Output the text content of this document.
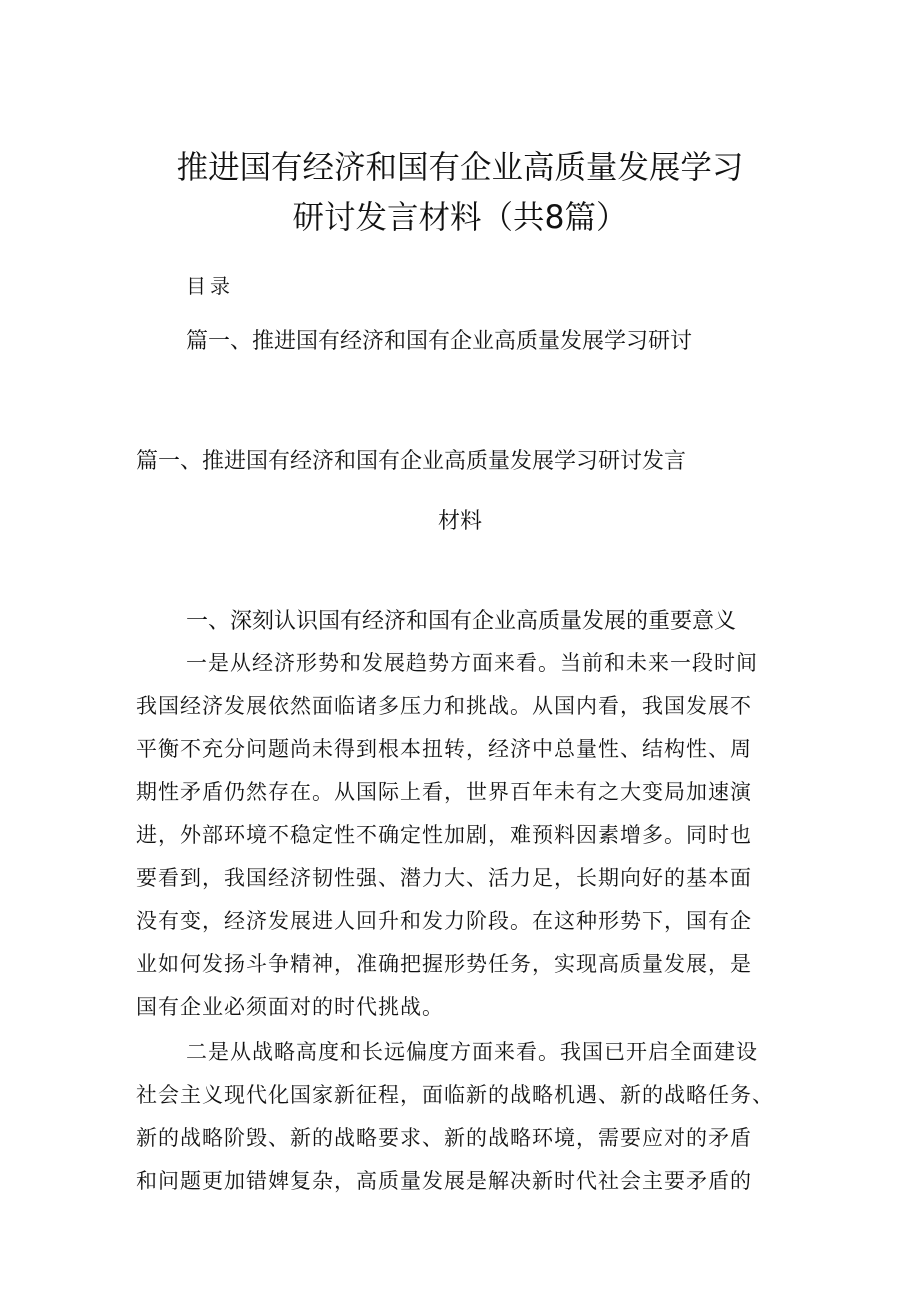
推进国有经济和国有企业高质量发展学习
研讨发言材料（共8篇）
目录
篇一、推进国有经济和国有企业高质量发展学习研讨
篇一、推进国有经济和国有企业高质量发展学习研讨发言
材料
一、深刻认识国有经济和国有企业高质量发展的重要意义
一是从经济形势和发展趋势方面来看。当前和未来一段时间
我国经济发展依然面临诸多压力和挑战。从国内看，我国发展不
平衡不充分问题尚未得到根本扭转，经济中总量性、结构性、周
期性矛盾仍然存在。从国际上看，世界百年未有之大变局加速演
进，外部环境不稳定性不确定性加剧，难预料因素增多。同时也
要看到，我国经济韧性强、潜力大、活力足，长期向好的基本面
没有变，经济发展进人回升和发力阶段。在这种形势下，国有企
业如何发扬斗争精神，准确把握形势任务，实现高质量发展，是
国有企业必须面对的时代挑战。
二是从战略高度和长远偏度方面来看。我国已开启全面建设
社会主义现代化国家新征程，面临新的战略机遇、新的战略任务、
新的战略阶毁、新的战略要求、新的战略环境，需要应对的矛盾
和问题更加错婢复杂，高质量发展是解决新时代社会主要矛盾的
